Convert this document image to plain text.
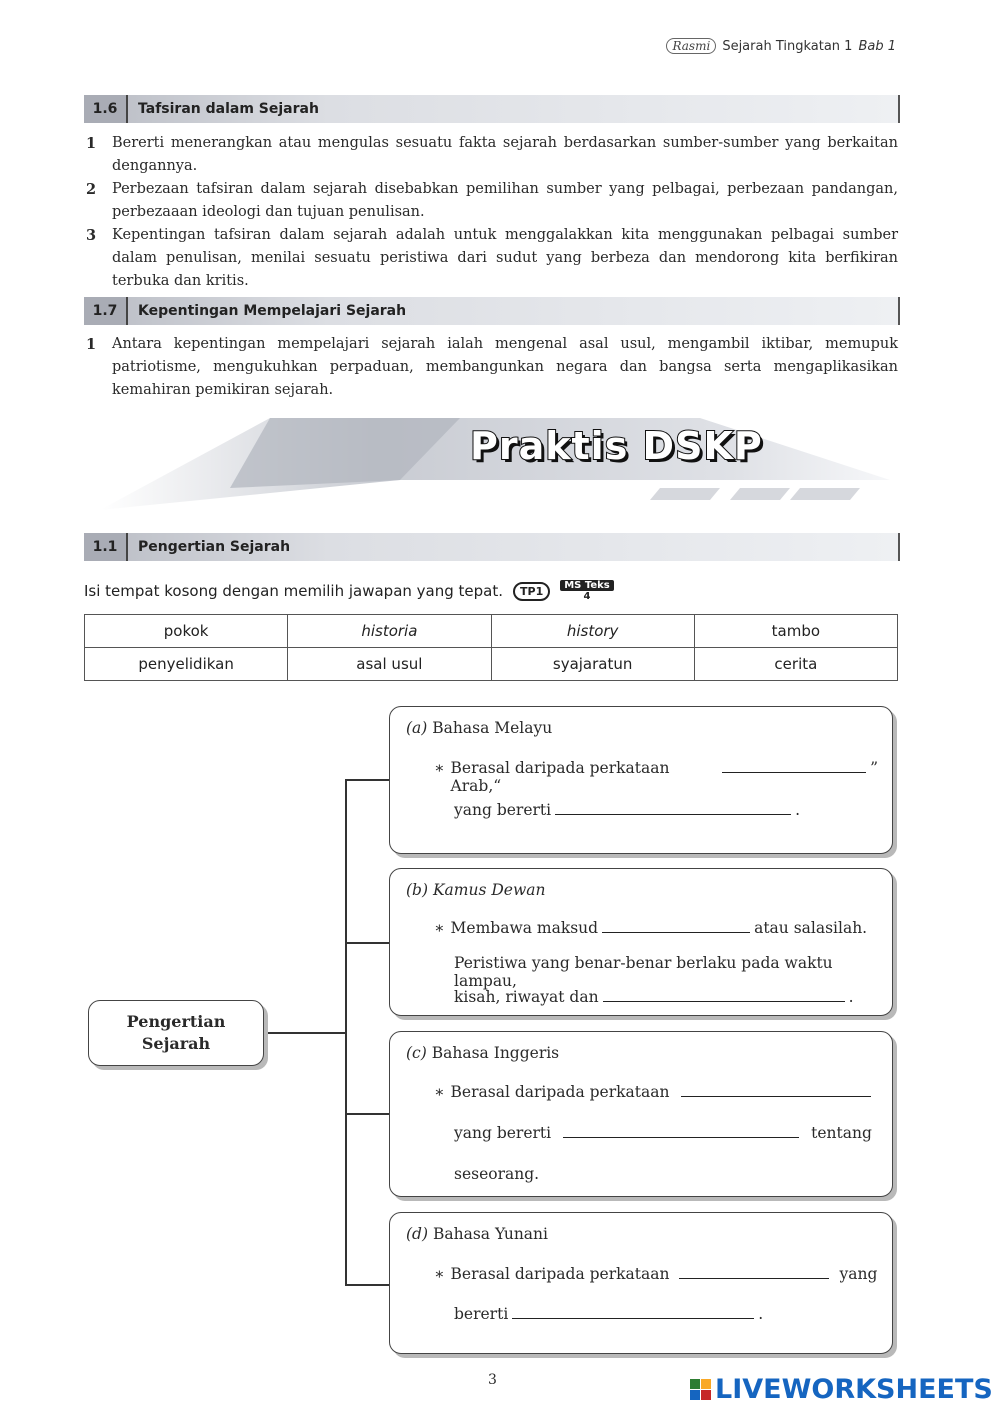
Rasmi Sejarah Tingkatan 1 Bab 1
1.6	Tafsiran dalam Sejarah
1 Bererti menerangkan atau mengulas sesuatu fakta sejarah berdasarkan sumber-sumber yang berkaitan dengannya.
2 Perbezaan tafsiran dalam sejarah disebabkan pemilihan sumber yang pelbagai, perbezaan pandangan, perbezaaan ideologi dan tujuan penulisan.
3 Kepentingan tafsiran dalam sejarah adalah untuk menggalakkan kita menggunakan pelbagai sumber dalam penulisan, menilai sesuatu peristiwa dari sudut yang berbeza dan mendorong kita berfikiran terbuka dan kritis.
1.7	Kepentingan Mempelajari Sejarah
1 Antara kepentingan mempelajari sejarah ialah mengenal asal usul, mengambil iktibar, memupuk patriotisme, mengukuhkan perpaduan, membangunkan negara dan bangsa serta mengaplikasikan kemahiran pemikiran sejarah.
Praktis DSKP
1.1	Pengertian Sejarah
Isi tempat kosong dengan memilih jawapan yang tepat.	TP1	MS Teks
4
pokok	historia	history	tambo
penyelidikan	asal usul	syajaratun	cerita
Pengertian
Sejarah
(a) Bahasa Melayu
∗ Berasal daripada perkataan Arab,“
”
yang bererti	.
(b) Kamus Dewan
∗ Membawa maksud	atau salasilah.
Peristiwa yang benar-benar berlaku pada waktu lampau,
kisah, riwayat dan	.
(c) Bahasa Inggeris
∗ Berasal daripada perkataan
yang bererti	tentang
seseorang.
(d) Bahasa Yunani
∗ Berasal daripada perkataan	yang
bererti	.
3	LIVEWORKSHEETS
